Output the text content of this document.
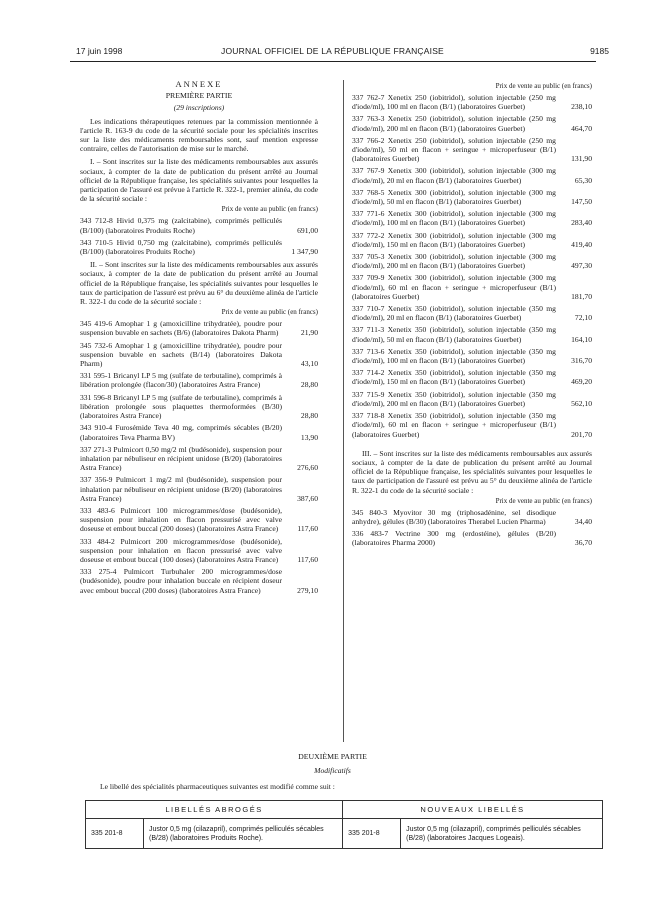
17 juin 1998	JOURNAL OFFICIEL DE LA RÉPUBLIQUE FRANÇAISE	9185
ANNEXE
PREMIÈRE PARTIE
(29 inscriptions)
Les indications thérapeutiques retenues par la commission mentionnée à l'article R. 163-9 du code de la sécurité sociale pour les spécialités inscrites sur la liste des médicaments remboursables sont, sauf mention expresse contraire, celles de l'autorisation de mise sur le marché.
I. – Sont inscrites sur la liste des médicaments remboursables aux assurés sociaux, à compter de la date de publication du présent arrêté au Journal officiel de la République française, les spécialités suivantes pour lesquelles la participation de l'assuré est prévue à l'article R. 322-1, premier alinéa, du code de la sécurité sociale :
Prix de vente au public (en francs)
343 712-8 Hivid 0,375 mg (zalcitabine), comprimés pelliculés (B/100) (laboratoires Produits Roche)	691,00
343 710-5 Hivid 0,750 mg (zalcitabine), comprimés pelliculés (B/100) (laboratoires Produits Roche)	1 347,90
II. – Sont inscrites sur la liste des médicaments remboursables aux assurés sociaux, à compter de la date de publication du présent arrêté au Journal officiel de la République française, les spécialités suivantes pour lesquelles le taux de participation de l'assuré est prévu au 6° du deuxième alinéa de l'article R. 322-1 du code de la sécurité sociale :
Prix de vente au public (en francs)
345 419-6 Amophar 1 g (amoxicilline trihydratée), poudre pour suspension buvable en sachets (B/6) (laboratoires Dakota Pharm)	21,90
345 732-6 Amophar 1 g (amoxicilline trihydratée), poudre pour suspension buvable en sachets (B/14) (laboratoires Dakota Pharm)	43,10
331 595-1 Bricanyl LP 5 mg (sulfate de terbutaline), comprimés à libération prolongée (flacon/30) (laboratoires Astra France)	28,80
331 596-8 Bricanyl LP 5 mg (sulfate de terbutaline), comprimés à libération prolongée sous plaquettes thermoformées (B/30) (laboratoires Astra France)	28,80
343 910-4 Furosémide Teva 40 mg, comprimés sécables (B/20) (laboratoires Teva Pharma BV)	13,90
337 271-3 Pulmicort 0,50 mg/2 ml (budésonide), suspension pour inhalation par nébuliseur en récipient unidose (B/20) (laboratoires Astra France)	276,60
337 356-9 Pulmicort 1 mg/2 ml (budésonide), suspension pour inhalation par nébuliseur en récipient unidose (B/20) (laboratoires Astra France)	387,60
333 483-6 Pulmicort 100 microgrammes/dose (budésonide), suspension pour inhalation en flacon pressurisé avec valve doseuse et embout buccal (200 doses) (laboratoires Astra France)	117,60
333 484-2 Pulmicort 200 microgrammes/dose (budésonide), suspension pour inhalation en flacon pressurisé avec valve doseuse et embout buccal (100 doses) (laboratoires Astra France)	117,60
333 275-4 Pulmicort Turbuhaler 200 microgrammes/dose (budésonide), poudre pour inhalation buccale en récipient doseur avec embout buccal (200 doses) (laboratoires Astra France)	279,10
Prix de vente au public (en francs)
337 762-7 Xenetix 250 (iobitridol), solution injectable (250 mg d'iode/ml), 100 ml en flacon (B/1) (laboratoires Guerbet)	238,10
337 763-3 Xenetix 250 (iobitridol), solution injectable (250 mg d'iode/ml), 200 ml en flacon (B/1) (laboratoires Guerbet)	464,70
337 766-2 Xenetix 250 (iobitridol), solution injectable (250 mg d'iode/ml), 50 ml en flacon + seringue + microperfuseur (B/1) (laboratoires Guerbet)	131,90
337 767-9 Xenetix 300 (iobitridol), solution injectable (300 mg d'iode/ml), 20 ml en flacon (B/1) (laboratoires Guerbet)	65,30
337 768-5 Xenetix 300 (iobitridol), solution injectable (300 mg d'iode/ml), 50 ml en flacon (B/1) (laboratoires Guerbet)	147,50
337 771-6 Xenetix 300 (iobitridol), solution injectable (300 mg d'iode/ml), 100 ml en flacon (B/1) (laboratoires Guerbet)	283,40
337 772-2 Xenetix 300 (iobitridol), solution injectable (300 mg d'iode/ml), 150 ml en flacon (B/1) (laboratoires Guerbet)	419,40
337 705-3 Xenetix 300 (iobitridol), solution injectable (300 mg d'iode/ml), 200 ml en flacon (B/1) (laboratoires Guerbet)	497,30
337 709-9 Xenetix 300 (iobitridol), solution injectable (300 mg d'iode/ml), 60 ml en flacon + seringue + microperfuseur (B/1) (laboratoires Guerbet)	181,70
337 710-7 Xenetix 350 (iobitridol), solution injectable (350 mg d'iode/ml), 20 ml en flacon (B/1) (laboratoires Guerbet)	72,10
337 711-3 Xenetix 350 (iobitridol), solution injectable (350 mg d'iode/ml), 50 ml en flacon (B/1) (laboratoires Guerbet)	164,10
337 713-6 Xenetix 350 (iobitridol), solution injectable (350 mg d'iode/ml), 100 ml en flacon (B/1) (laboratoires Guerbet)	316,70
337 714-2 Xenetix 350 (iobitridol), solution injectable (350 mg d'iode/ml), 150 ml en flacon (B/1) (laboratoires Guerbet)	469,20
337 715-9 Xenetix 350 (iobitridol), solution injectable (350 mg d'iode/ml), 200 ml en flacon (B/1) (laboratoires Guerbet)	562,10
337 718-8 Xenetix 350 (iobitridol), solution injectable (350 mg d'iode/ml), 60 ml en flacon + seringue + microperfuseur (B/1) (laboratoires Guerbet)	201,70
III. – Sont inscrites sur la liste des médicaments remboursables aux assurés sociaux, à compter de la date de publication du présent arrêté au Journal officiel de la République française, les spécialités suivantes pour lesquelles le taux de participation de l'assuré est prévu au 5° du deuxième alinéa de l'article R. 322-1 du code de la sécurité sociale :
Prix de vente au public (en francs)
345 840-3 Myovitor 30 mg (triphosadénine, sel disodique anhydre), gélules (B/30) (laboratoires Therabel Lucien Pharma)	34,40
336 483-7 Vectrine 300 mg (erdostéine), gélules (B/20) (laboratoires Pharma 2000)	36,70
DEUXIÈME PARTIE
Modificatifs
Le libellé des spécialités pharmaceutiques suivantes est modifié comme suit :
LIBELLÉS ABROGÉS		NOUVEAUX LIBELLÉS	
335 201-8	Justor 0,5 mg (cilazapril), comprimés pelliculés sécables (B/28) (laboratoires Produits Roche).	335 201-8	Justor 0,5 mg (cilazapril), comprimés pelliculés sécables (B/28) (laboratoires Jacques Logeais).
